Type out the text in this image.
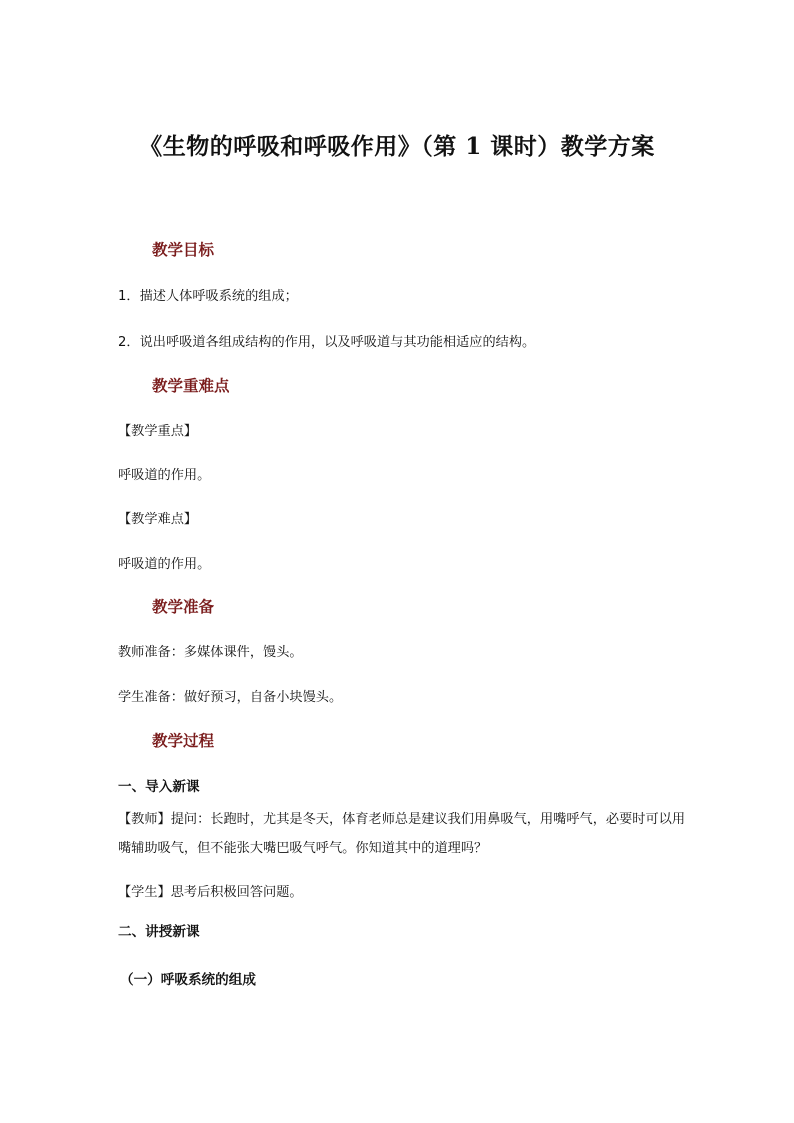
《生物的呼吸和呼吸作用》（第 1 课时）教学方案
教学目标
1．描述人体呼吸系统的组成；
2．说出呼吸道各组成结构的作用，以及呼吸道与其功能相适应的结构。
教学重难点
【教学重点】
呼吸道的作用。
【教学难点】
呼吸道的作用。
教学准备
教师准备：多媒体课件，馒头。
学生准备：做好预习，自备小块馒头。
教学过程
一、导入新课
【教师】提问：长跑时，尤其是冬天，体育老师总是建议我们用鼻吸气，用嘴呼气，必要时可以用嘴辅助吸气，但不能张大嘴巴吸气呼气。你知道其中的道理吗？
【学生】思考后积极回答问题。
二、讲授新课
（一）呼吸系统的组成
